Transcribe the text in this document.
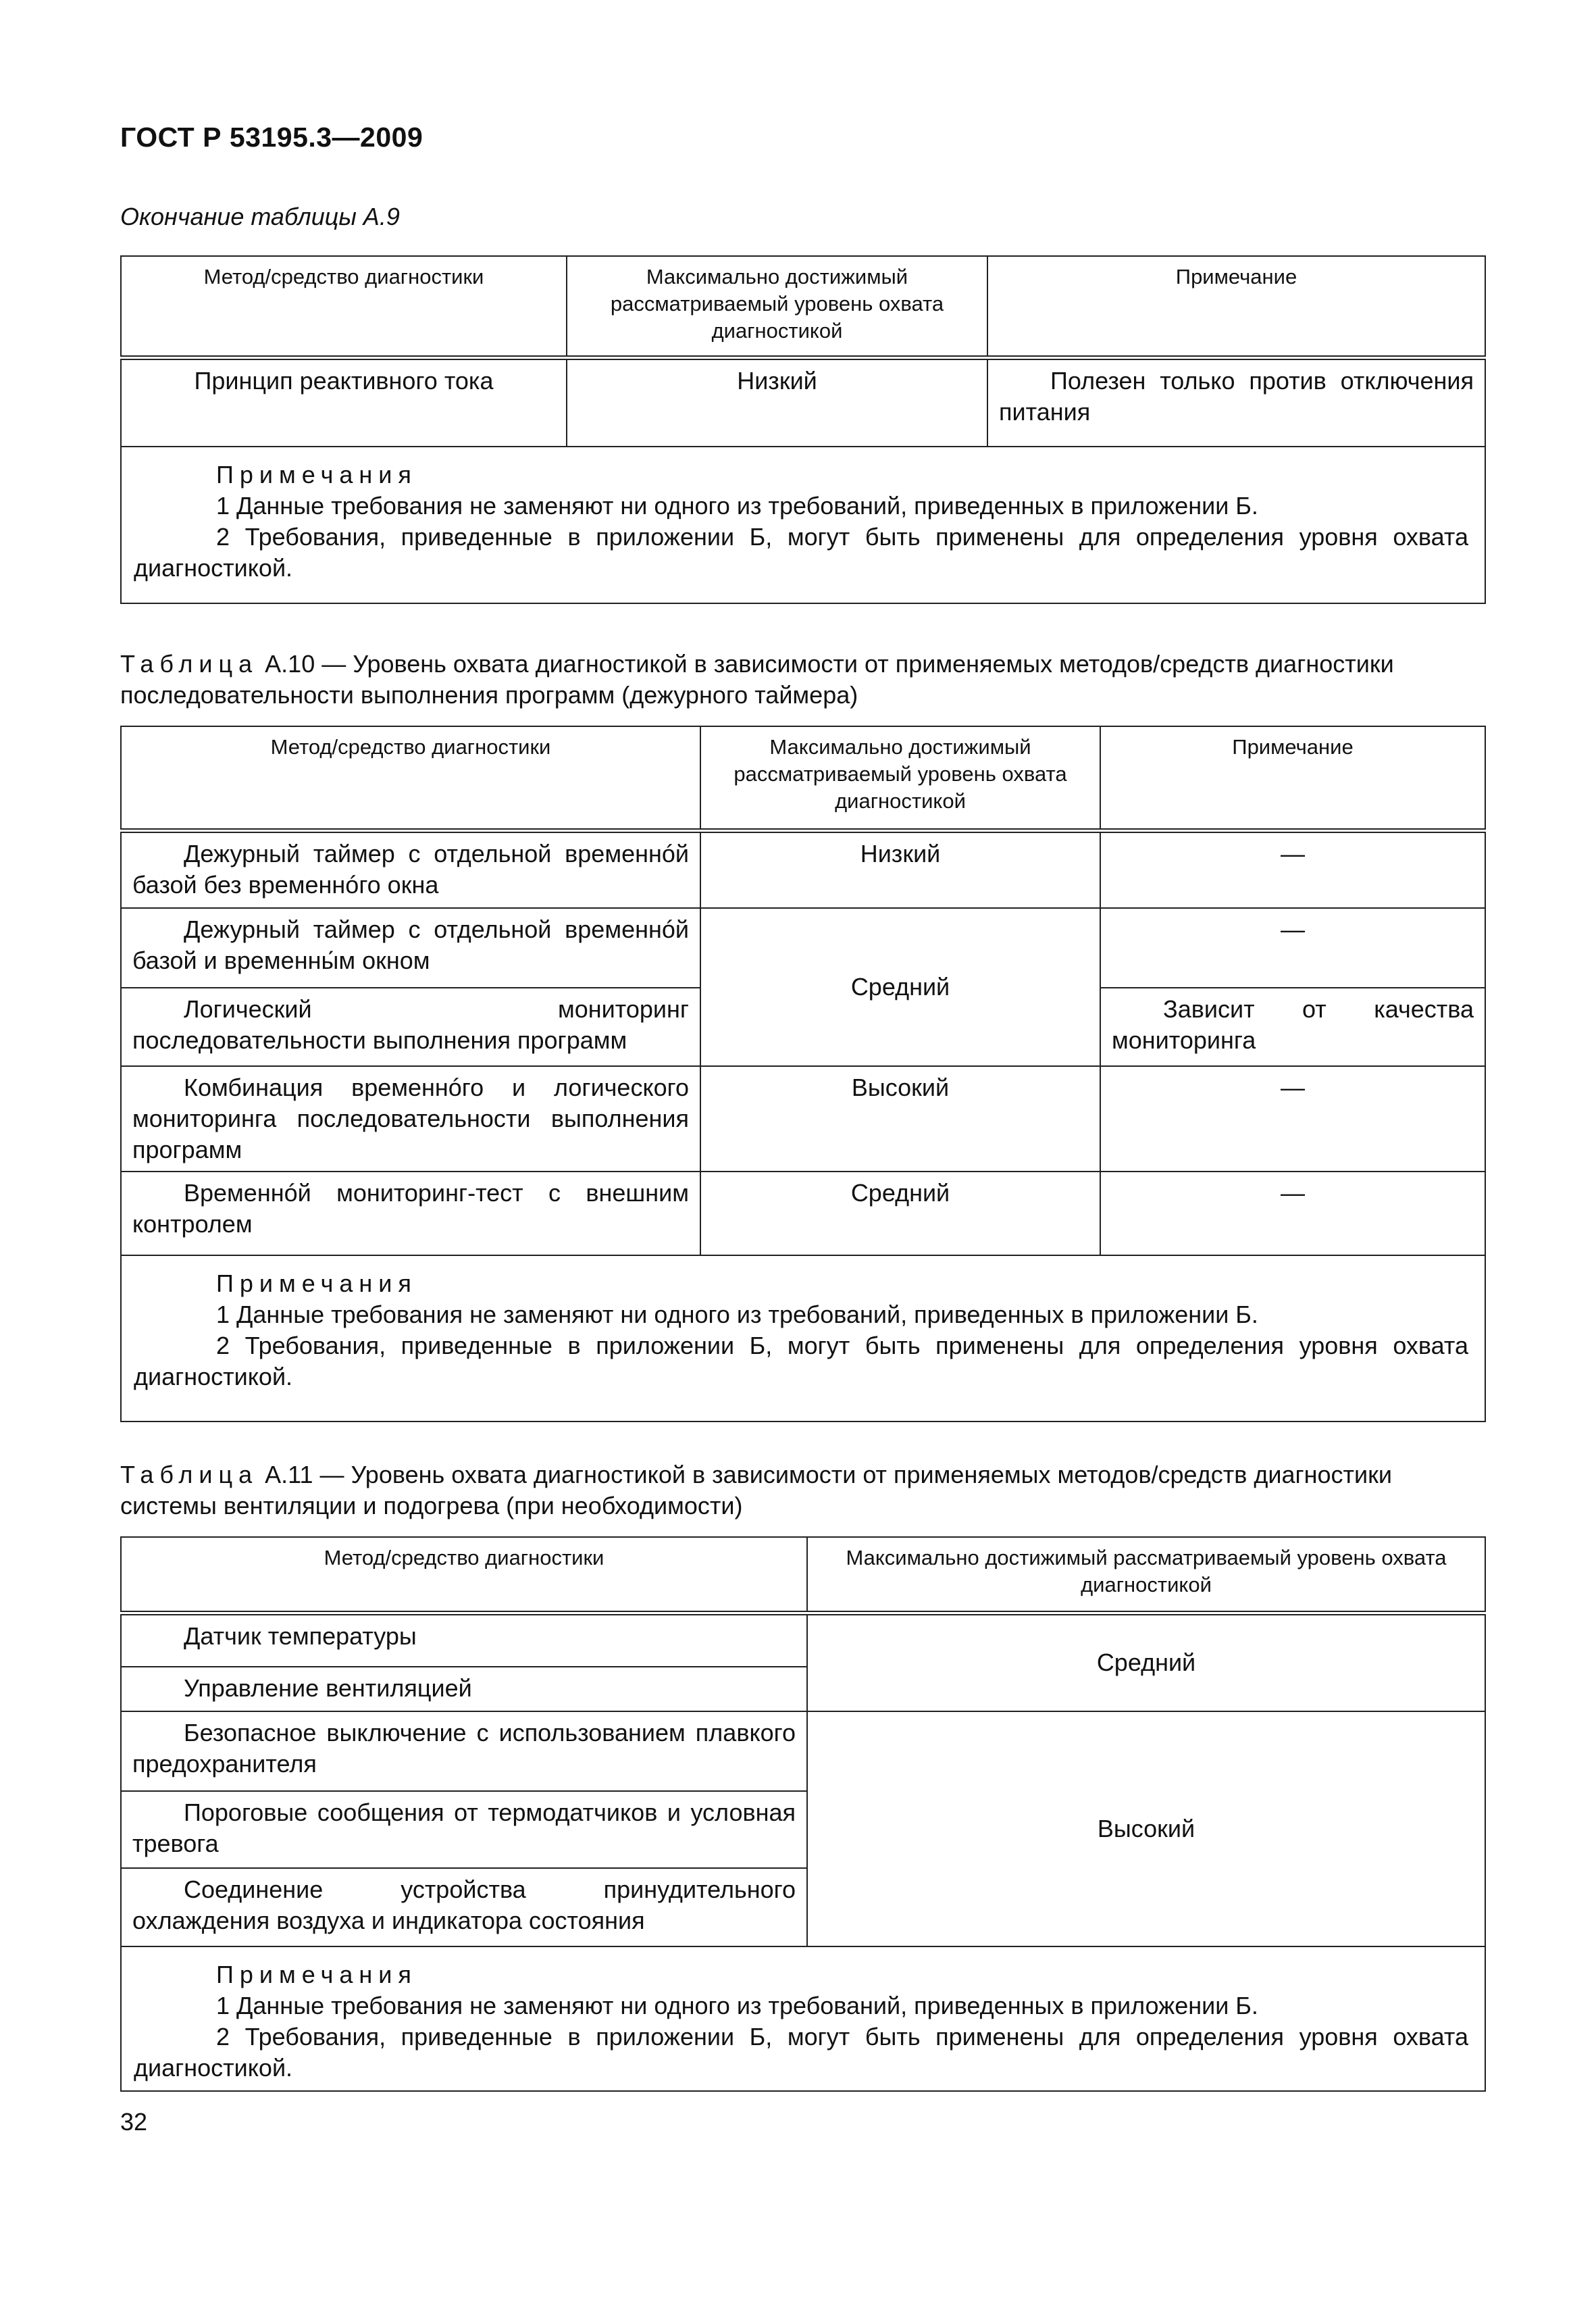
ГОСТ Р 53195.3—2009
Окончание таблицы А.9
Метод/средство диагностики	Максимально достижимый рассматриваемый уровень охвата диагностикой	Примечание
Принцип реактивного тока	Низкий	Полезен только против отключения питания

Примечания

1 Данные требования не заменяют ни одного из требований, приведенных в приложении Б.

2 Требования, приведенные в приложении Б, могут быть применены для определения уровня охвата диагностикой.		

Таблица А.10 — Уровень охвата диагностикой в зависимости от применяемых методов/средств диагностики последовательности выполнения программ (дежурного таймера)
Метод/средство диагностики	Максимально достижимый рассматриваемый уровень охвата диагностикой	Примечание
Дежурный таймер с отдельной временнóй базой без временнóго окна	Низкий	—
Дежурный таймер с отдельной временнóй базой и временны́м окном	Средний	—
Логический мониторинг последовательности выполнения программ		Зависит от качества мониторинга
Комбинация временнóго и логического мониторинга последовательности выполнения программ	Высокий	—
Временнóй мониторинг-тест с внешним контролем	Средний	—

Примечания

1 Данные требования не заменяют ни одного из требований, приведенных в приложении Б.

2 Требования, приведенные в приложении Б, могут быть применены для определения уровня охвата диагностикой.		

Таблица А.11 — Уровень охвата диагностикой в зависимости от применяемых методов/средств диагностики системы вентиляции и подогрева (при необходимости)
Метод/средство диагностики	Максимально достижимый рассматриваемый уровень охвата диагностикой
Датчик температуры	Средний
Управление вентиляцией	
Безопасное выключение с использованием плавкого предохранителя	Высокий
Пороговые сообщения от термодатчиков и условная тревога	
Соединение устройства принудительного охлаждения воздуха и индикатора состояния	

Примечания

1 Данные требования не заменяют ни одного из требований, приведенных в приложении Б.

2 Требования, приведенные в приложении Б, могут быть применены для определения уровня охвата диагностикой.	

32
